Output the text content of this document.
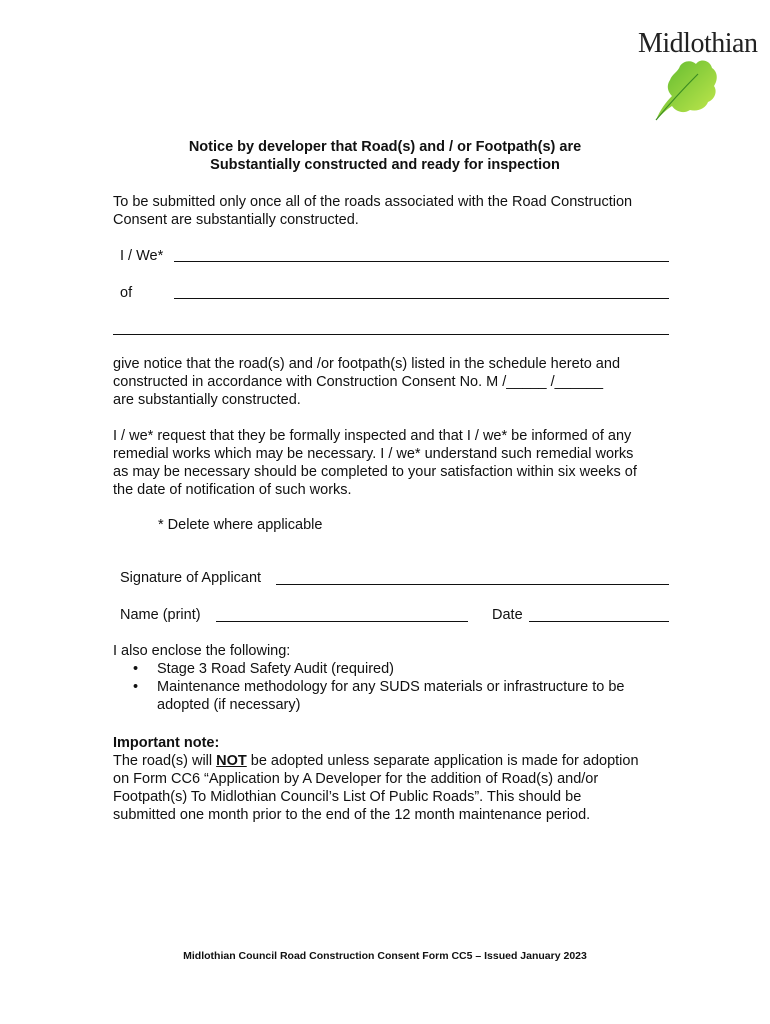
Midlothian
Notice by developer that Road(s) and / or Footpath(s) are
Substantially constructed and ready for inspection
To be submitted only once all of the roads associated with the Road Construction
Consent are substantially constructed.
I / We*
of
give notice that the road(s) and /or footpath(s) listed in the schedule hereto and
constructed in accordance with Construction Consent No. M /_____ /______
are substantially constructed.
I / we* request that they be formally inspected and that I / we* be informed of any
remedial works which may be necessary. I / we* understand such remedial works
as may be necessary should be completed to your satisfaction within six weeks of
the date of notification of such works.
* Delete where applicable
Signature of Applicant
Name (print)	Date
I also enclose the following:
• Stage 3 Road Safety Audit (required)
• Maintenance methodology for any SUDS materials or infrastructure to be
adopted (if necessary)
Important note:
The road(s) will NOT be adopted unless separate application is made for adoption
on Form CC6 “Application by A Developer for the addition of Road(s) and/or
Footpath(s) To Midlothian Council’s List Of Public Roads”. This should be
submitted one month prior to the end of the 12 month maintenance period.
Midlothian Council Road Construction Consent Form CC5 – Issued January 2023
